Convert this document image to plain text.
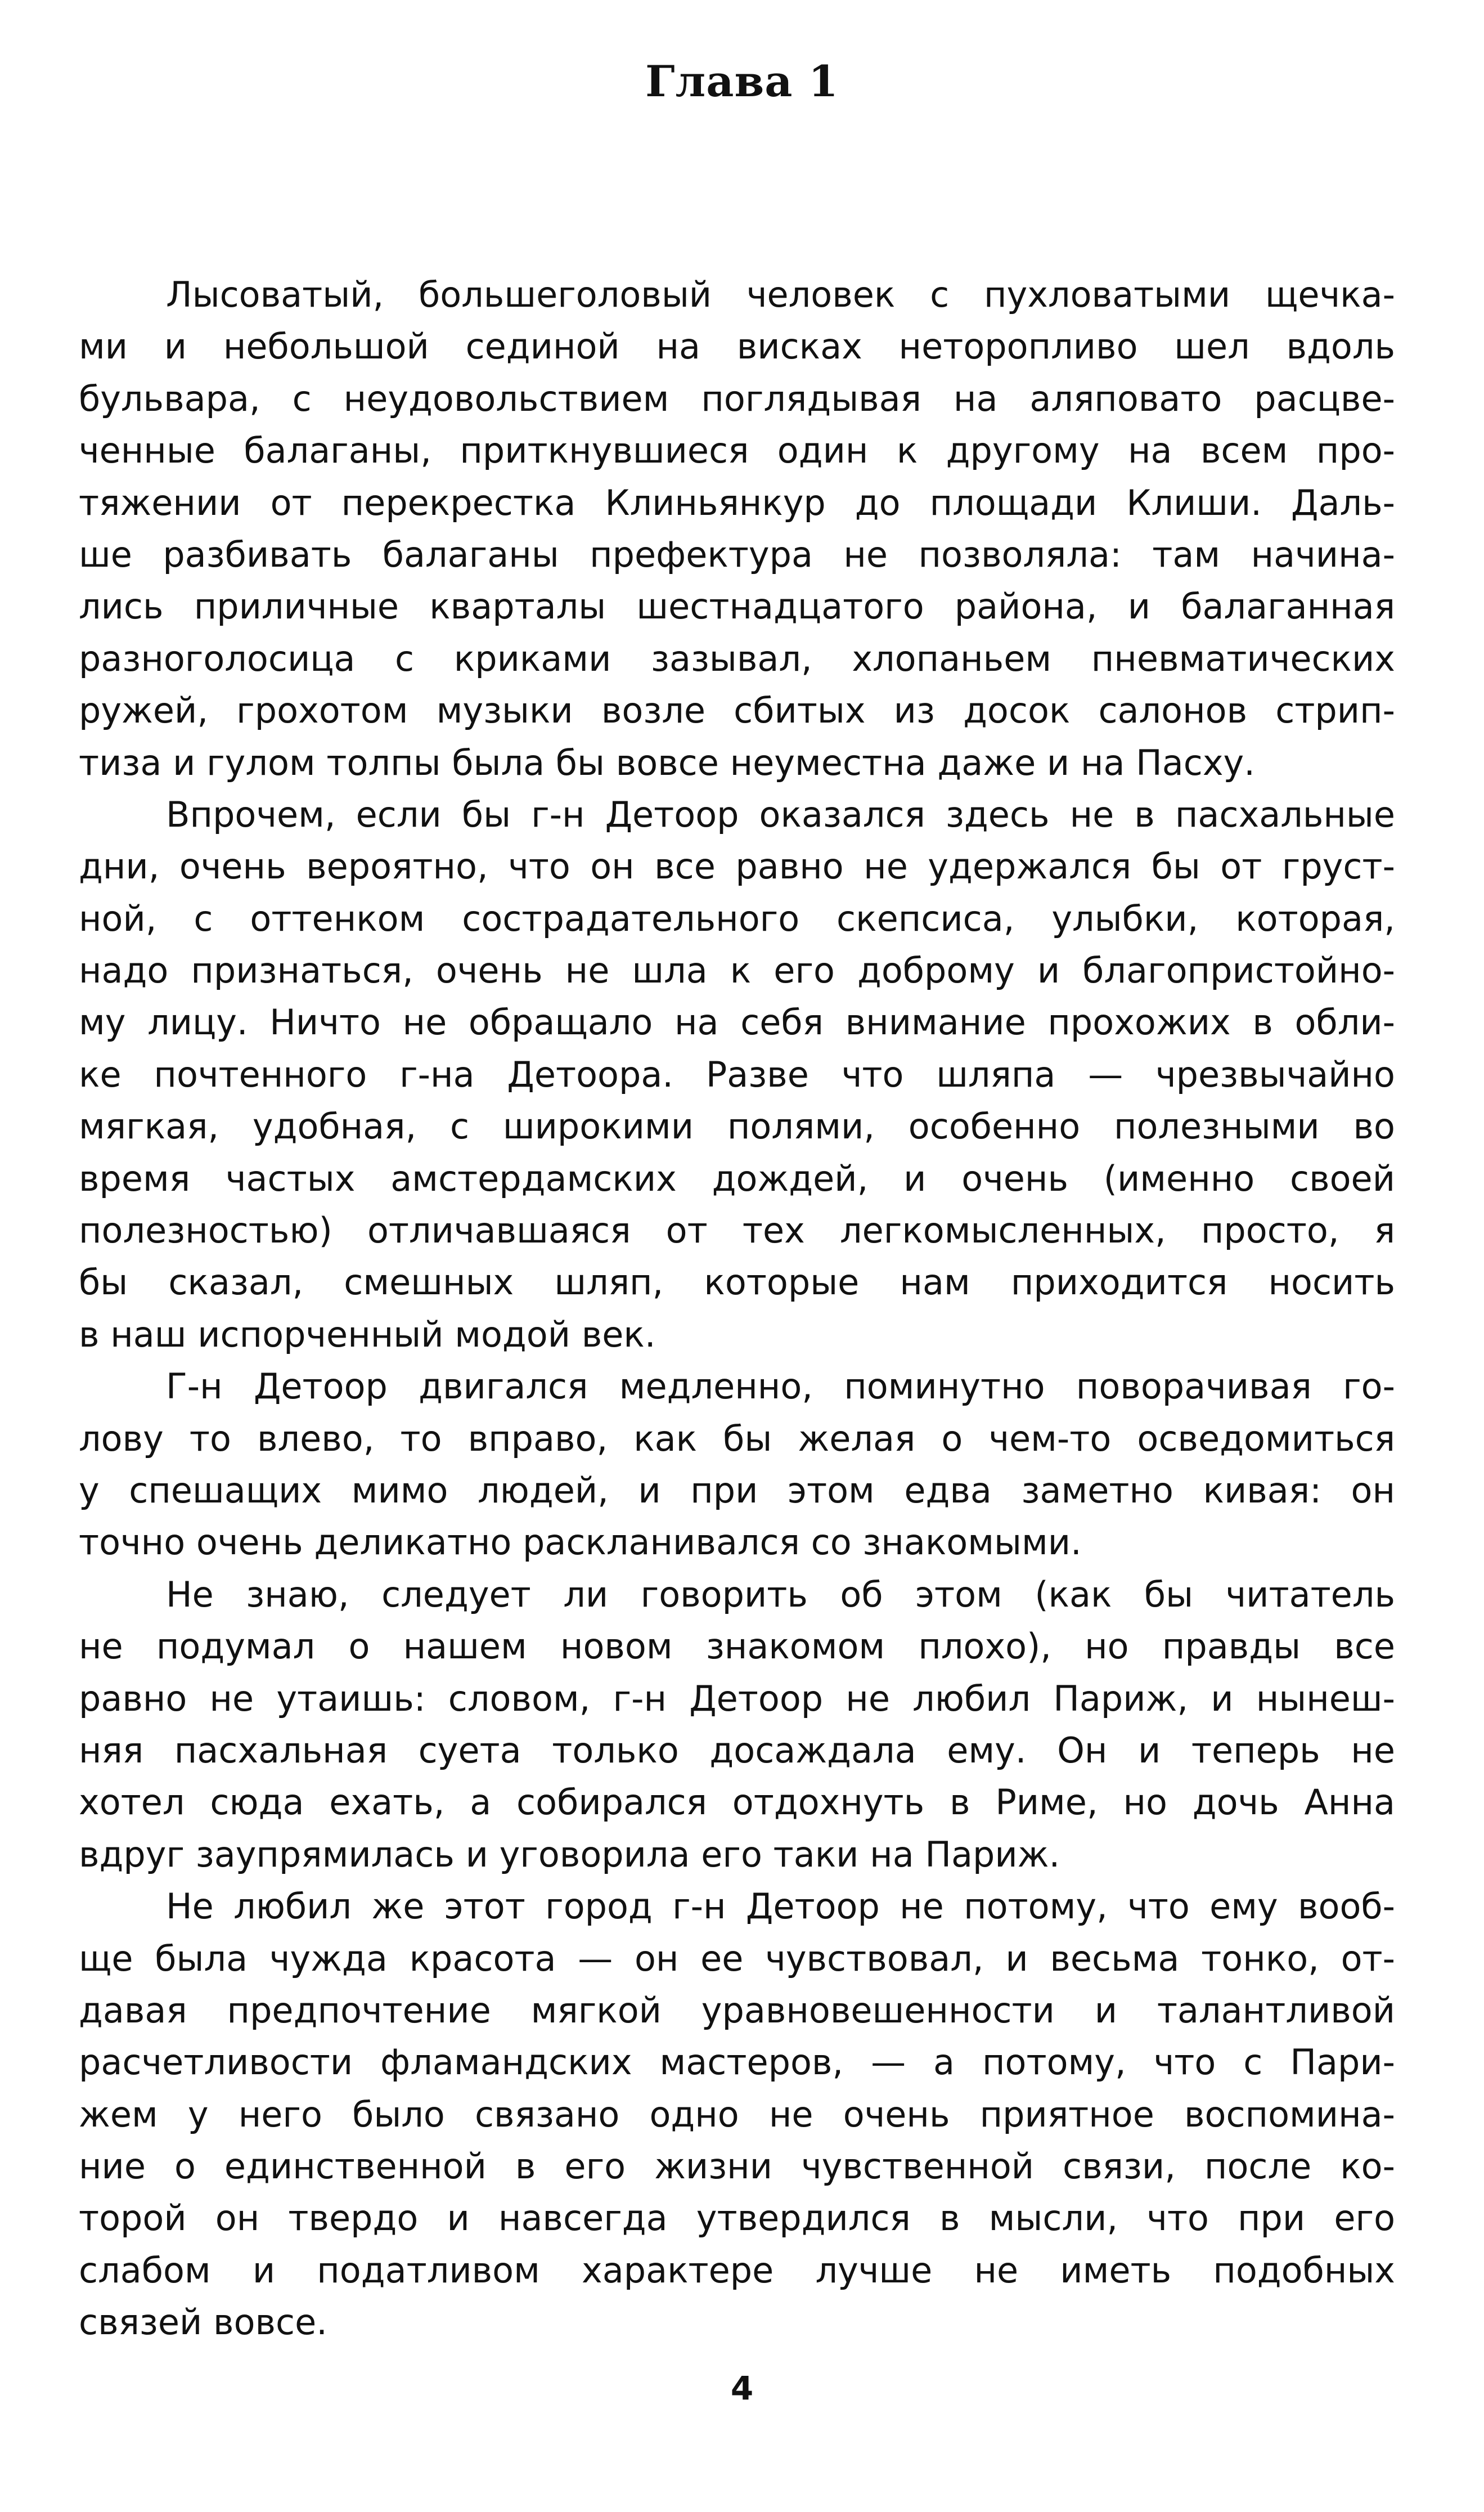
Глава 1
Лысоватый, большеголовый человек с пухловатыми щечка-
ми и небольшой сединой на висках неторопливо шел вдоль
бульвара, с неудовольствием поглядывая на аляповато расцве-
ченные балаганы, приткнувшиеся один к другому на всем про-
тяжении от перекрестка Клиньянкур до площади Клиши. Даль-
ше разбивать балаганы префектура не позволяла: там начина-
лись приличные кварталы шестнадцатого района, и балаганная
разноголосица с криками зазывал, хлопаньем пневматических
ружей, грохотом музыки возле сбитых из досок салонов стрип-
тиза и гулом толпы была бы вовсе неуместна даже и на Пасху.
Впрочем, если бы г-н Детоор оказался здесь не в пасхальные
дни, очень вероятно, что он все равно не удержался бы от груст-
ной, с оттенком сострадательного скепсиса, улыбки, которая,
надо признаться, очень не шла к его доброму и благопристойно-
му лицу. Ничто не обращало на себя внимание прохожих в обли-
ке почтенного г-на Детоора. Разве что шляпа — чрезвычайно
мягкая, удобная, с широкими полями, особенно полезными во
время частых амстердамских дождей, и очень (именно своей
полезностью) отличавшаяся от тех легкомысленных, просто, я
бы сказал, смешных шляп, которые нам приходится носить
в наш испорченный модой век.
Г-н Детоор двигался медленно, поминутно поворачивая го-
лову то влево, то вправо, как бы желая о чем-то осведомиться
у спешащих мимо людей, и при этом едва заметно кивая: он
точно очень деликатно раскланивался со знакомыми.
Не знаю, следует ли говорить об этом (как бы читатель
не подумал о нашем новом знакомом плохо), но правды все
равно не утаишь: словом, г-н Детоор не любил Париж, и нынеш-
няя пасхальная суета только досаждала ему. Он и теперь не
хотел сюда ехать, а собирался отдохнуть в Риме, но дочь Анна
вдруг заупрямилась и уговорила его таки на Париж.
Не любил же этот город г-н Детоор не потому, что ему вооб-
ще была чужда красота — он ее чувствовал, и весьма тонко, от-
давая предпочтение мягкой уравновешенности и талантливой
расчетливости фламандских мастеров, — а потому, что с Пари-
жем у него было связано одно не очень приятное воспомина-
ние о единственной в его жизни чувственной связи, после ко-
торой он твердо и навсегда утвердился в мысли, что при его
слабом и податливом характере лучше не иметь подобных
связей вовсе.
4
